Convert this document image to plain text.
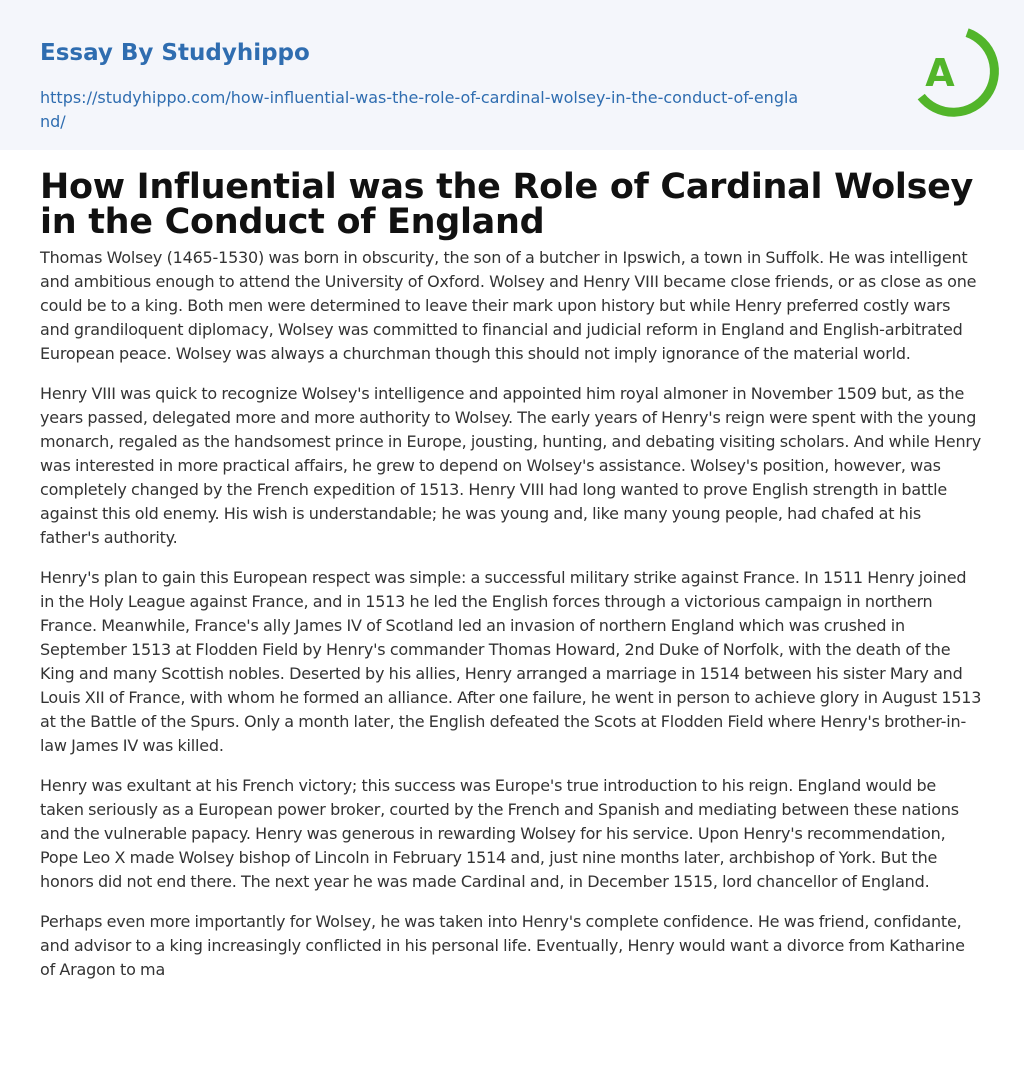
Essay By Studyhippo
https://studyhippo.com/how-influential-was-the-role-of-cardinal-wolsey-in-the-conduct-of-england/
A
How Influential was the Role of Cardinal Wolsey in the Conduct of England

Thomas Wolsey (1465-1530) was born in obscurity, the son of a butcher in Ipswich, a town in Suffolk. He was intelligent and ambitious enough to attend the University of Oxford. Wolsey and Henry VIII became close friends, or as close as one could be to a king. Both men were determined to leave their mark upon history but while Henry preferred costly wars and grandiloquent diplomacy, Wolsey was committed to financial and judicial reform in England and English-arbitrated European peace. Wolsey was always a churchman though this should not imply ignorance of the material world.

Henry VIII was quick to recognize Wolsey's intelligence and appointed him royal almoner in November 1509 but, as the years passed, delegated more and more authority to Wolsey. The early years of Henry's reign were spent with the young monarch, regaled as the handsomest prince in Europe, jousting, hunting, and debating visiting scholars. And while Henry was interested in more practical affairs, he grew to depend on Wolsey's assistance. Wolsey's position, however, was completely changed by the French expedition of 1513. Henry VIII had long wanted to prove English strength in battle against this old enemy. His wish is understandable; he was young and, like many young people, had chafed at his father's authority.

Henry's plan to gain this European respect was simple: a successful military strike against France. In 1511 Henry joined in the Holy League against France, and in 1513 he led the English forces through a victorious campaign in northern France. Meanwhile, France's ally James IV of Scotland led an invasion of northern England which was crushed in September 1513 at Flodden Field by Henry's commander Thomas Howard, 2nd Duke of Norfolk, with the death of the King and many Scottish nobles. Deserted by his allies, Henry arranged a marriage in 1514 between his sister Mary and Louis XII of France, with whom he formed an alliance. After one failure, he went in person to achieve glory in August 1513 at the Battle of the Spurs. Only a month later, the English defeated the Scots at Flodden Field where Henry's brother-in-law James IV was killed.

Henry was exultant at his French victory; this success was Europe's true introduction to his reign. England would be taken seriously as a European power broker, courted by the French and Spanish and mediating between these nations and the vulnerable papacy. Henry was generous in rewarding Wolsey for his service. Upon Henry's recommendation, Pope Leo X made Wolsey bishop of Lincoln in February 1514 and, just nine months later, archbishop of York. But the honors did not end there. The next year he was made Cardinal and, in December 1515, lord chancellor of England.

Perhaps even more importantly for Wolsey, he was taken into Henry's complete confidence. He was friend, confidante, and advisor to a king increasingly conflicted in his personal life. Eventually, Henry would want a divorce from Katharine of Aragon to ma
